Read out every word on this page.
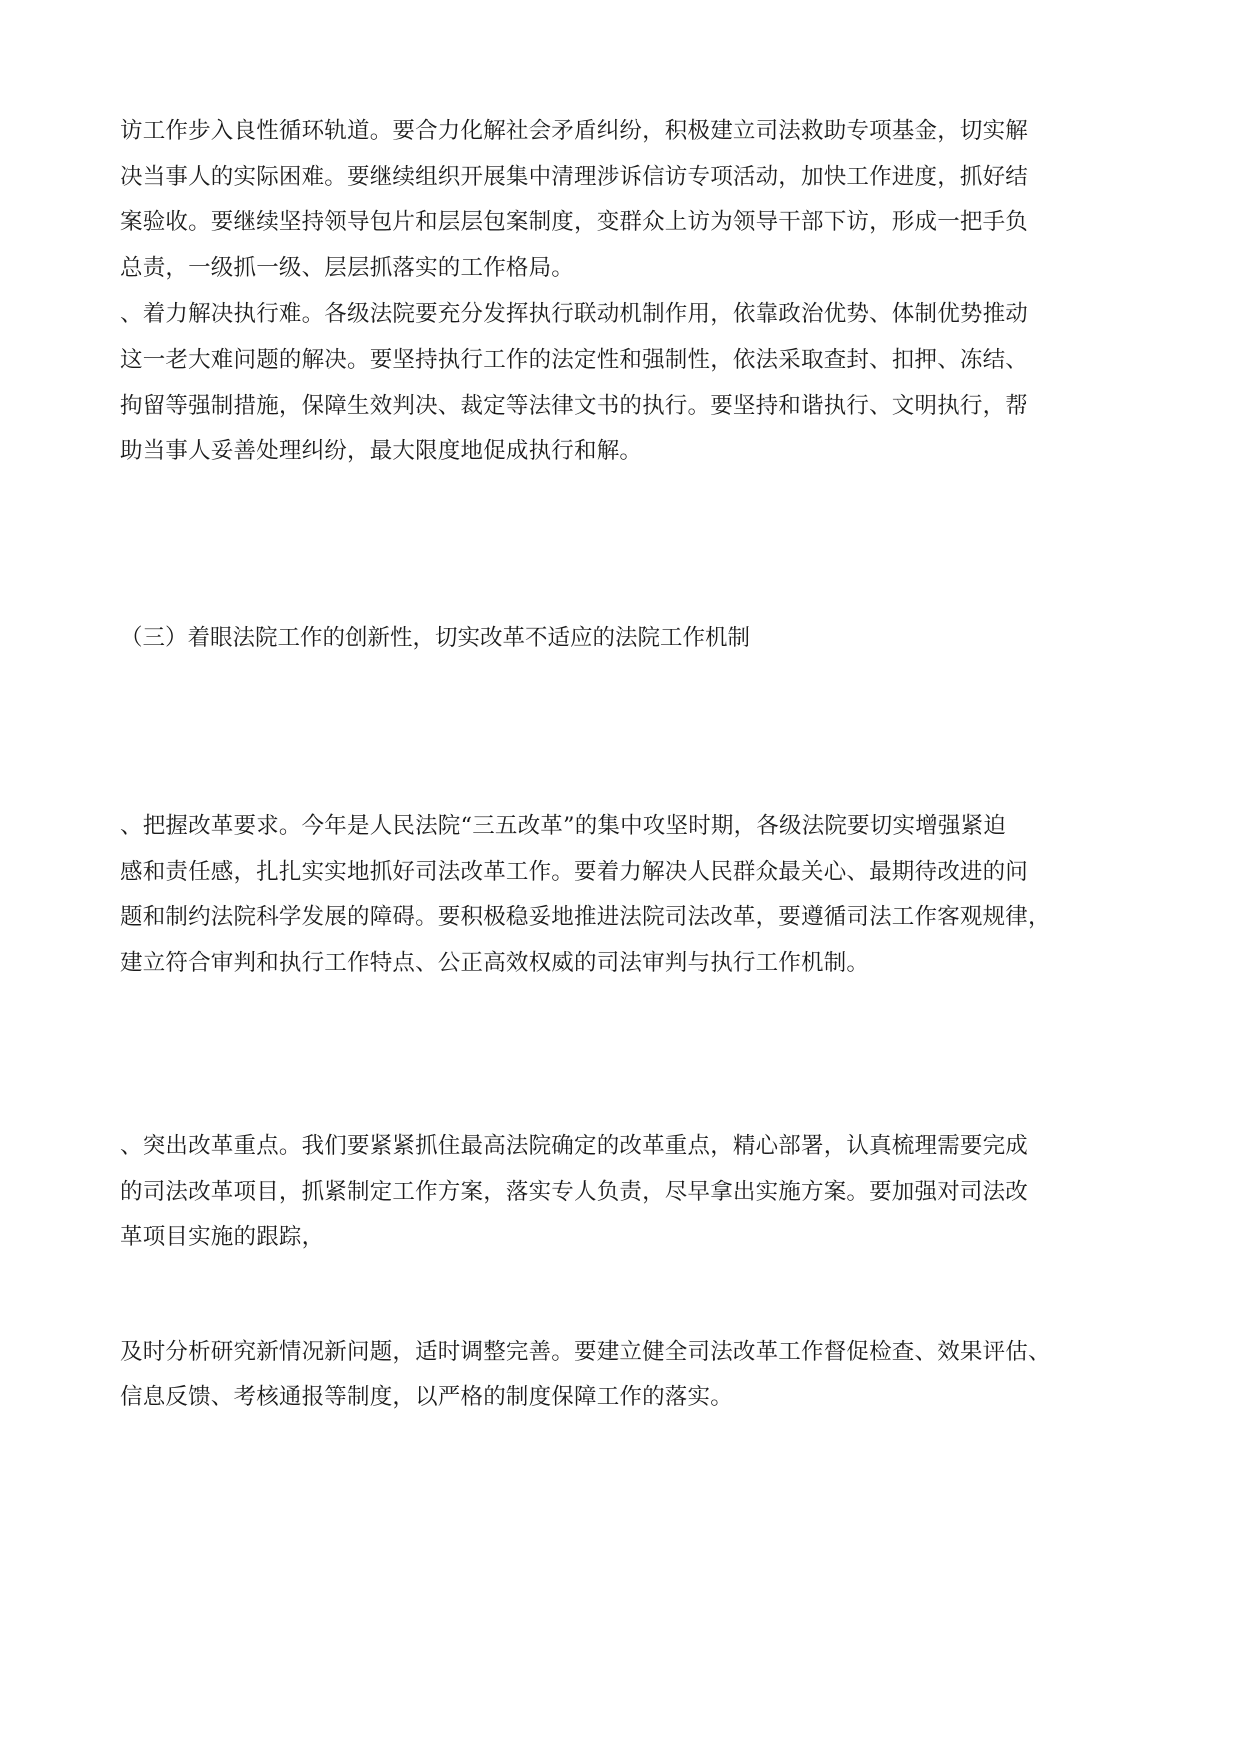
访工作步入良性循环轨道。要合力化解社会矛盾纠纷，积极建立司法救助专项基金，切实解
决当事人的实际困难。要继续组织开展集中清理涉诉信访专项活动，加快工作进度，抓好结
案验收。要继续坚持领导包片和层层包案制度，变群众上访为领导干部下访，形成一把手负
总责，一级抓一级、层层抓落实的工作格局。
、着力解决执行难。各级法院要充分发挥执行联动机制作用，依靠政治优势、体制优势推动
这一老大难问题的解决。要坚持执行工作的法定性和强制性，依法采取查封、扣押、冻结、
拘留等强制措施，保障生效判决、裁定等法律文书的执行。要坚持和谐执行、文明执行，帮
助当事人妥善处理纠纷，最大限度地促成执行和解。
（三）着眼法院工作的创新性，切实改革不适应的法院工作机制
、把握改革要求。今年是人民法院“三五改革”的集中攻坚时期，各级法院要切实增强紧迫
感和责任感，扎扎实实地抓好司法改革工作。要着力解决人民群众最关心、最期待改进的问
题和制约法院科学发展的障碍。要积极稳妥地推进法院司法改革，要遵循司法工作客观规律，
建立符合审判和执行工作特点、公正高效权威的司法审判与执行工作机制。
、突出改革重点。我们要紧紧抓住最高法院确定的改革重点，精心部署，认真梳理需要完成
的司法改革项目，抓紧制定工作方案，落实专人负责，尽早拿出实施方案。要加强对司法改
革项目实施的跟踪，
及时分析研究新情况新问题，适时调整完善。要建立健全司法改革工作督促检查、效果评估、
信息反馈、考核通报等制度，以严格的制度保障工作的落实。
